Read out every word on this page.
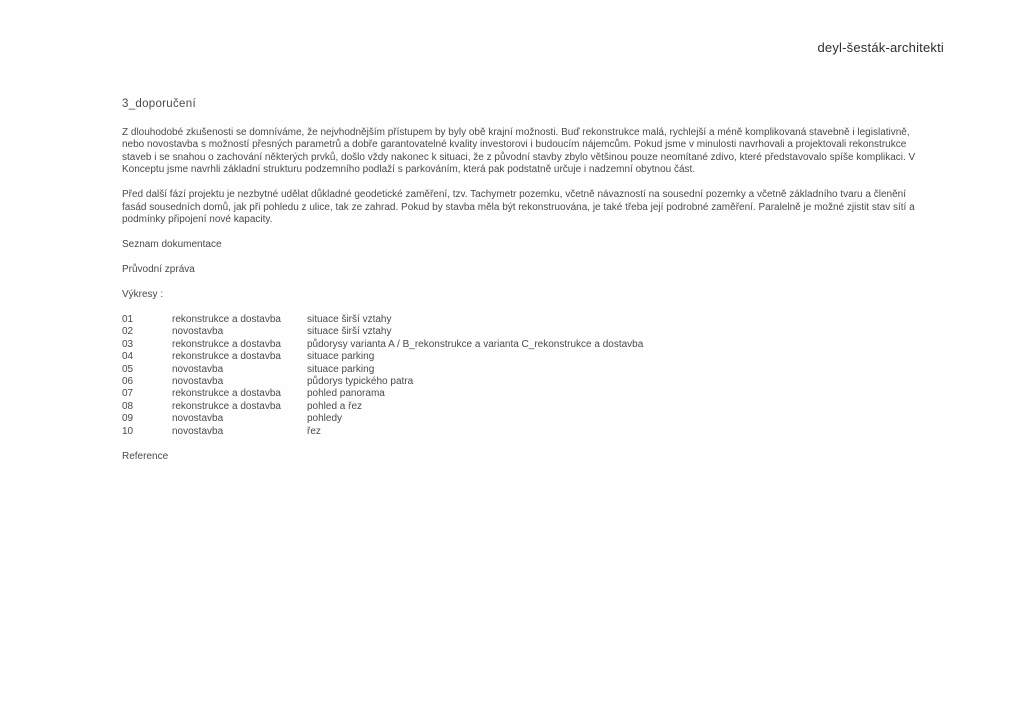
deyl-šesták-architekti
3_doporučení

Z dlouhodobé zkušenosti se domníváme, že nejvhodnějším přístupem by byly obě krajní možnosti. Buď rekonstrukce malá, rychlejší a méně komplikovaná stavebně i legislativně, nebo novostavba s možností přesných parametrů a dobře garantovatelné kvality investorovi i budoucím nájemcům. Pokud jsme v minulosti navrhovali a projektovali rekonstrukce staveb i se snahou o zachování některých prvků, došlo vždy nakonec k situaci, že z původní stavby zbylo většinou pouze neomítané zdivo, které představovalo spíše komplikaci. V Konceptu jsme navrhli základní strukturu podzemního podlaží s parkováním, která pak podstatně určuje i nadzemní obytnou část.

Před další fází projektu je nezbytné udělat důkladné geodetické zaměření, tzv. Tachymetr pozemku, včetně návazností na sousední pozemky a včetně základního tvaru a členění fasád sousedních domů, jak při pohledu z ulice, tak ze zahrad. Pokud by stavba měla být rekonstruována, je také třeba její podrobné zaměření. Paralelně je možné zjistit stav sítí a podmínky připojení nové kapacity.

Seznam dokumentace
Průvodní zpráva
Výkresy :
01	rekonstrukce a dostavba	situace širší vztahy
02	novostavba	situace širší vztahy
03	rekonstrukce a dostavba	půdorysy varianta A / B_rekonstrukce a varianta C_rekonstrukce a dostavba
04	rekonstrukce a dostavba	situace parking
05	novostavba	situace parking
06	novostavba	půdorys typického patra
07	rekonstrukce a dostavba	pohled panorama
08	rekonstrukce a dostavba	pohled a řez
09	novostavba	pohledy
10	novostavba	řez
Reference
